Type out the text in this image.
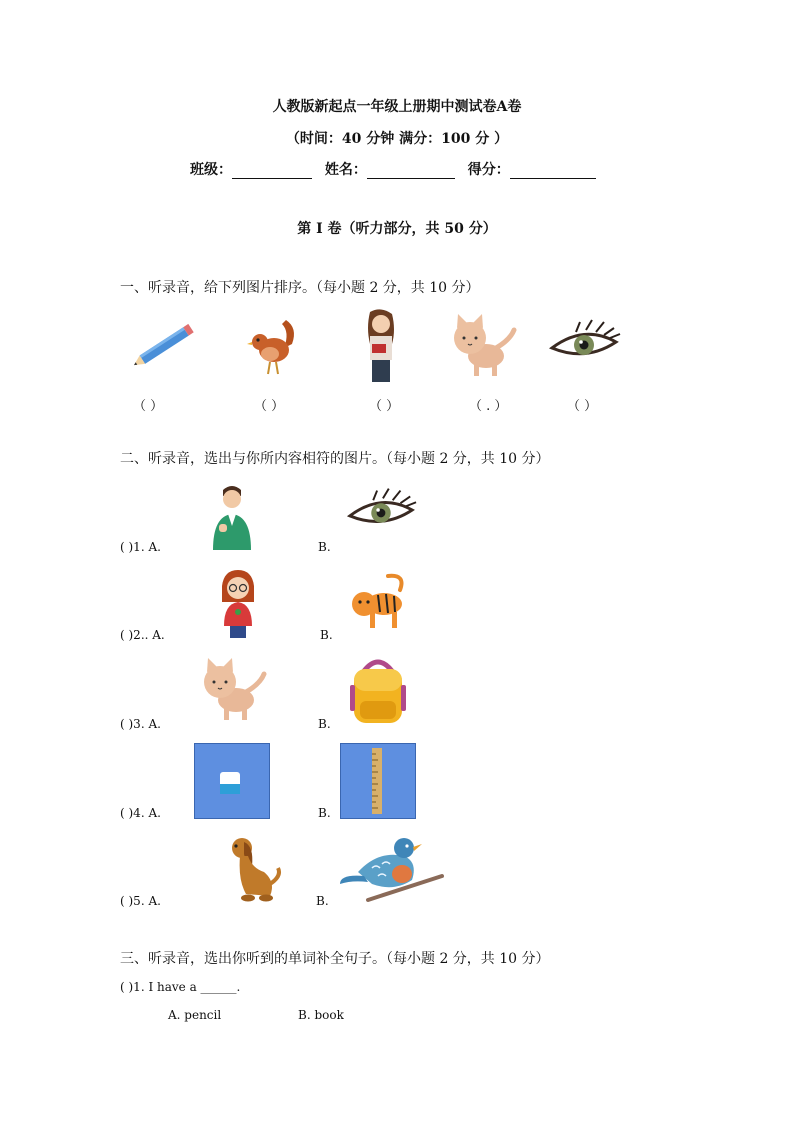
人教版新起点一年级上册期中测试卷A卷
（时间：40 分钟 满分：100 分 ）
班级：	姓名：	得分：
第 I 卷（听力部分，共 50 分）
一、听录音，给下列图片排序。（每小题 2 分，共 10 分）
（ ）	（ ）	（ ）	（ . ）	（ ）
二、听录音，选出与你所内容相符的图片。（每小题 2 分，共 10 分）
( )1. A.	B.
( )2.. A.	B.
( )3. A.	B.
( )4. A.	B.
( )5. A.	B.
三、听录音，选出你听到的单词补全句子。（每小题 2 分，共 10 分）
( )1. I have a ______.
A. pencil	B. book
